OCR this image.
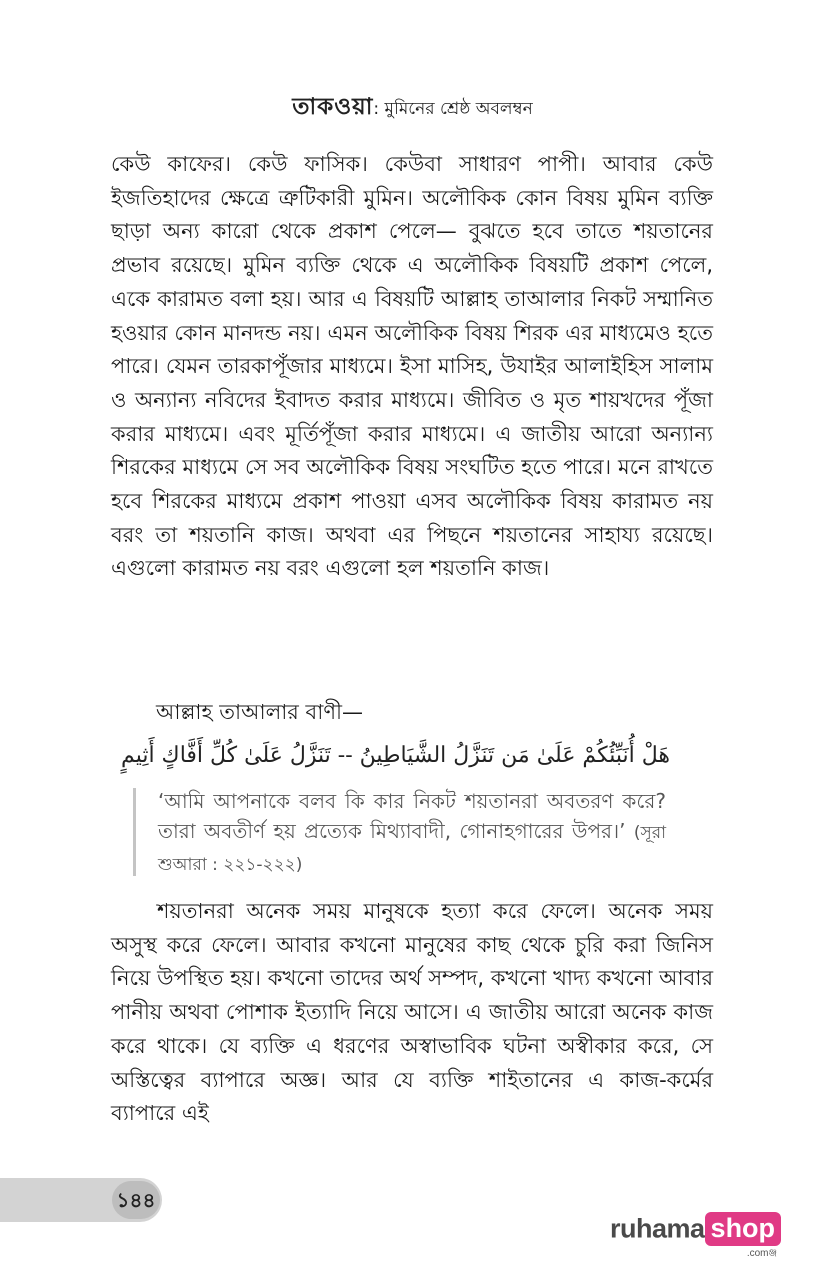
তাকওয়া: মুমিনের শ্রেষ্ঠ অবলম্বন

কেউ কাফের। কেউ ফাসিক। কেউবা সাধারণ পাপী। আবার কেউ ইজতিহাদের ক্ষেত্রে ত্রুটিকারী মুমিন। অলৌকিক কোন বিষয় মুমিন ব্যক্তি ছাড়া অন্য কারো থেকে প্রকাশ পেলে— বুঝতে হবে তাতে শয়তানের প্রভাব রয়েছে। মুমিন ব্যক্তি থেকে এ অলৌকিক বিষয়টি প্রকাশ পেলে, একে কারামত বলা হয়। আর এ বিষয়টি আল্লাহ তাআলার নিকট সম্মানিত হওয়ার কোন মানদন্ড নয়। এমন অলৌকিক বিষয় শিরক এর মাধ্যমেও হতে পারে। যেমন তারকাপূঁজার মাধ্যমে। ইসা মাসিহ, উযাইর আলাইহিস সালাম ও অন্যান্য নবিদের ইবাদত করার মাধ্যমে। জীবিত ও মৃত শায়খদের পূঁজা করার মাধ্যমে। এবং মূর্তিপূঁজা করার মাধ্যমে। এ জাতীয় আরো অন্যান্য শিরকের মাধ্যমে সে সব অলৌকিক বিষয় সংঘটিত হতে পারে। মনে রাখতে হবে শিরকের মাধ্যমে প্রকাশ পাওয়া এসব অলৌকিক বিষয় কারামত নয় বরং তা শয়তানি কাজ। অথবা এর পিছনে শয়তানের সাহায্য রয়েছে। এগুলো কারামত নয় বরং এগুলো হল শয়তানি কাজ।

আল্লাহ তাআলার বাণী—
هَلْ أُنَبِّئُكُمْ عَلَىٰ مَن تَنَزَّلُ الشَّيَاطِينُ -- تَنَزَّلُ عَلَىٰ كُلِّ أَفَّاكٍ أَثِيمٍ
‘আমি আপনাকে বলব কি কার নিকট শয়তানরা অবতরণ করে? তারা অবতীর্ণ হয় প্রত্যেক মিথ্যাবাদী, গোনাহগারের উপর।’ (সূরা শুআরা : ২২১-২২২)

শয়তানরা অনেক সময় মানুষকে হত্যা করে ফেলে। অনেক সময় অসুস্থ করে ফেলে। আবার কখনো মানুষের কাছ থেকে চুরি করা জিনিস নিয়ে উপস্থিত হয়। কখনো তাদের অর্থ সম্পদ, কখনো খাদ্য কখনো আবার পানীয় অথবা পোশাক ইত্যাদি নিয়ে আসে। এ জাতীয় আরো অনেক কাজ করে থাকে। যে ব্যক্তি এ ধরণের অস্বাভাবিক ঘটনা অস্বীকার করে, সে অস্তিত্বের ব্যাপারে অজ্ঞ। আর যে ব্যক্তি শাইতানের এ কাজ-কর্মের ব্যাপারে এই

১৪৪
ruhama shop
.comঞ্জ
